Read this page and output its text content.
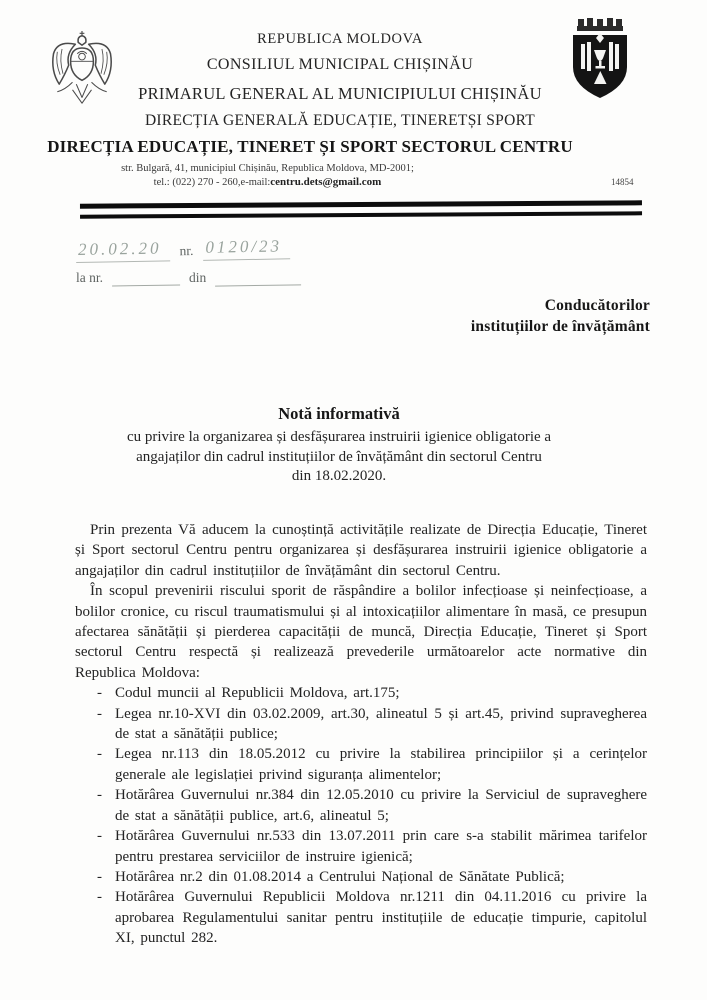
REPUBLICA MOLDOVA
CONSILIUL MUNICIPAL CHIȘINĂU
PRIMARUL GENERAL AL MUNICIPIULUI CHIȘINĂU
DIRECȚIA GENERALĂ EDUCAȚIE, TINERETȘI SPORT
DIRECȚIA EDUCAȚIE, TINERET ȘI SPORT SECTORUL CENTRU
str. Bulgară, 41, municipiul Chișinău, Republica Moldova, MD-2001;
tel.: (022) 270 - 260,e-mail:centru.dets@gmail.com	14854
20.02.20	nr. 0120/23
la nr.	din
Conducătorilor
instituțiilor de învățământ
Notă informativă
cu privire la organizarea și desfășurarea instruirii igienice obligatorie a
angajaților din cadrul instituțiilor de învățământ din sectorul Centru
din 18.02.2020.

Prin prezenta Vă aducem la cunoștință activitățile realizate de Direcția Educație, Tineret și Sport sectorul Centru pentru organizarea și desfășurarea instruirii igienice obligatorie a angajaților din cadrul instituțiilor de învățământ din sectorul Centru.

În scopul prevenirii riscului sporit de răspândire a bolilor infecțioase și neinfecțioase, a bolilor cronice, cu riscul traumatismului și al intoxicațiilor alimentare în masă, ce presupun afectarea sănătății și pierderea capacității de muncă, Direcția Educație, Tineret și Sport sectorul Centru respectă și realizează prevederile următoarelor acte normative din Republica Moldova:

- Codul muncii al Republicii Moldova, art.175;
- Legea nr.10-XVI din 03.02.2009, art.30, alineatul 5 și art.45, privind supravegherea de stat a sănătății publice;
- Legea nr.113 din 18.05.2012 cu privire la stabilirea principiilor și a cerințelor generale ale legislației privind siguranța alimentelor;
- Hotărârea Guvernului nr.384 din 12.05.2010 cu privire la Serviciul de supraveghere de stat a sănătății publice, art.6, alineatul 5;
- Hotărârea Guvernului nr.533 din 13.07.2011 prin care s-a stabilit mărimea tarifelor pentru prestarea serviciilor de instruire igienică;
- Hotărârea nr.2 din 01.08.2014 a Centrului Național de Sănătate Publică;
- Hotărârea Guvernului Republicii Moldova nr.1211 din 04.11.2016 cu privire la aprobarea Regulamentului sanitar pentru instituțiile de educație timpurie, capitolul XI, punctul 282.
